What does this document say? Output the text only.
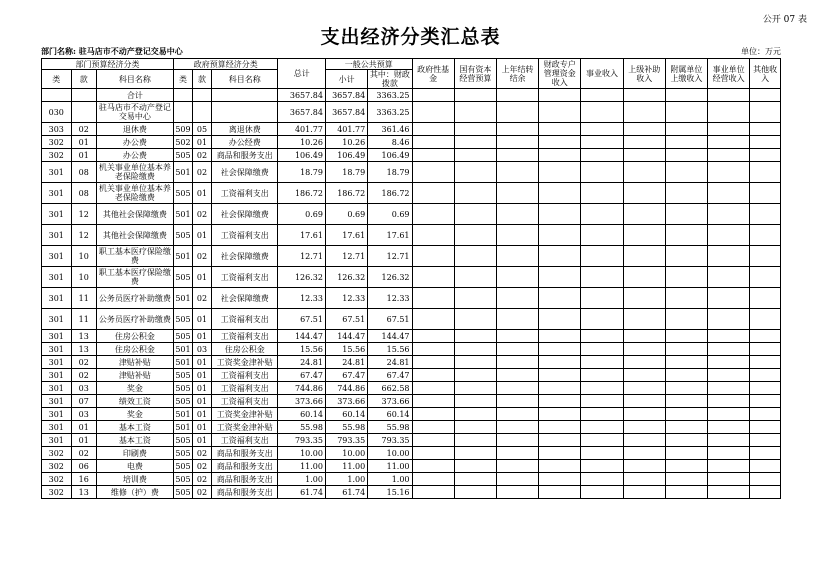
公开 07 表
支出经济分类汇总表
部门名称: 驻马店市不动产登记交易中心	单位：万元
部门预算经济分类			政府预算经济分类			总计	一般公共预算		政府性基金	国有资本经营预算	上年结转结余	财政专户管理资金收入	事业收入	上级补助收入	附属单位上缴收入	事业单位经营收入	其他收入
类	款	科目名称	类	款	科目名称		小计	其中：财政拨款									

		合计				3657.84	3657.84	3363.25									
030		驻马店市不动产登记交易中心				3657.84	3657.84	3363.25									
303	02	退休费	509	05	离退休费	401.77	401.77	361.46									
302	01	办公费	502	01	办公经费	10.26	10.26	8.46									
302	01	办公费	505	02	商品和服务支出	106.49	106.49	106.49									
301	08	机关事业单位基本养老保险缴费	501	02	社会保障缴费	18.79	18.79	18.79									
301	08	机关事业单位基本养老保险缴费	505	01	工资福利支出	186.72	186.72	186.72									
301	12	其他社会保障缴费	501	02	社会保障缴费	0.69	0.69	0.69									
301	12	其他社会保障缴费	505	01	工资福利支出	17.61	17.61	17.61									
301	10	职工基本医疗保险缴费	501	02	社会保障缴费	12.71	12.71	12.71									
301	10	职工基本医疗保险缴费	505	01	工资福利支出	126.32	126.32	126.32									
301	11	公务员医疗补助缴费	501	02	社会保障缴费	12.33	12.33	12.33									
301	11	公务员医疗补助缴费	505	01	工资福利支出	67.51	67.51	67.51									
301	13	住房公积金	505	01	工资福利支出	144.47	144.47	144.47									
301	13	住房公积金	501	03	住房公积金	15.56	15.56	15.56									
301	02	津贴补贴	501	01	工资奖金津补贴	24.81	24.81	24.81									
301	02	津贴补贴	505	01	工资福利支出	67.47	67.47	67.47									
301	03	奖金	505	01	工资福利支出	744.86	744.86	662.58									
301	07	绩效工资	505	01	工资福利支出	373.66	373.66	373.66									
301	03	奖金	501	01	工资奖金津补贴	60.14	60.14	60.14									
301	01	基本工资	501	01	工资奖金津补贴	55.98	55.98	55.98									
301	01	基本工资	505	01	工资福利支出	793.35	793.35	793.35									
302	02	印刷费	505	02	商品和服务支出	10.00	10.00	10.00									
302	06	电费	505	02	商品和服务支出	11.00	11.00	11.00									
302	16	培训费	505	02	商品和服务支出	1.00	1.00	1.00									
302	13	维修（护）费	505	02	商品和服务支出	61.74	61.74	15.16									
